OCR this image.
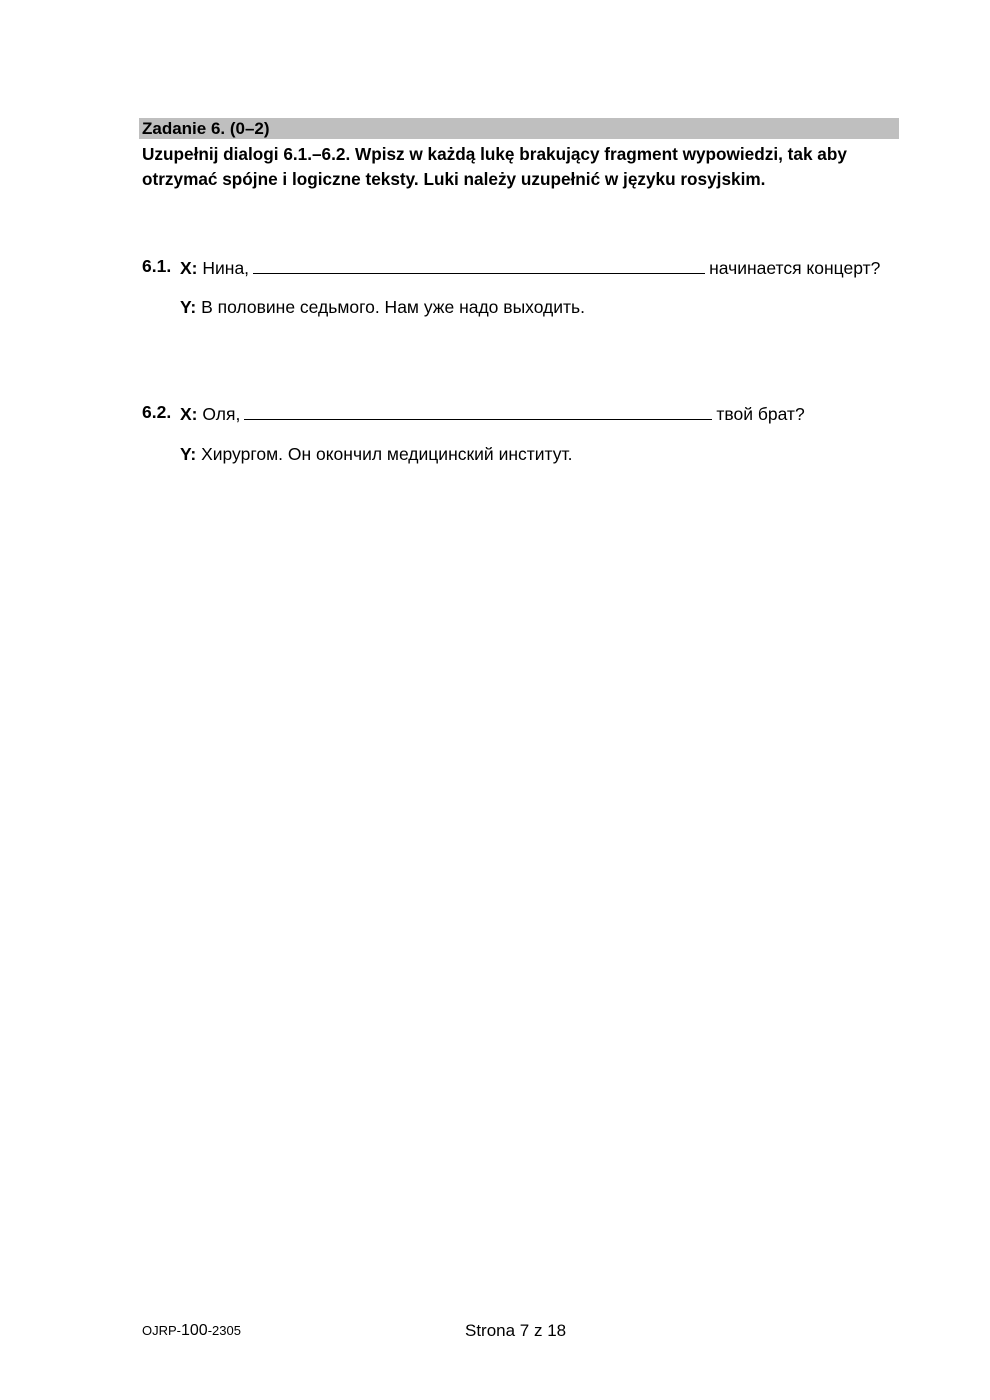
Zadanie 6. (0–2)
Uzupełnij dialogi 6.1.–6.2. Wpisz w każdą lukę brakujący fragment wypowiedzi, tak aby otrzymać spójne i logiczne teksty. Luki należy uzupełnić w języku rosyjskim.
6.1. X: Нина,	начинается концерт?
Y: В половине седьмого. Нам уже надо выходить.
6.2. X: Оля,	твой брат?
Y: Хирургом. Он окончил медицинский институт.
OJRP-100-2305	Strona 7 z 18
